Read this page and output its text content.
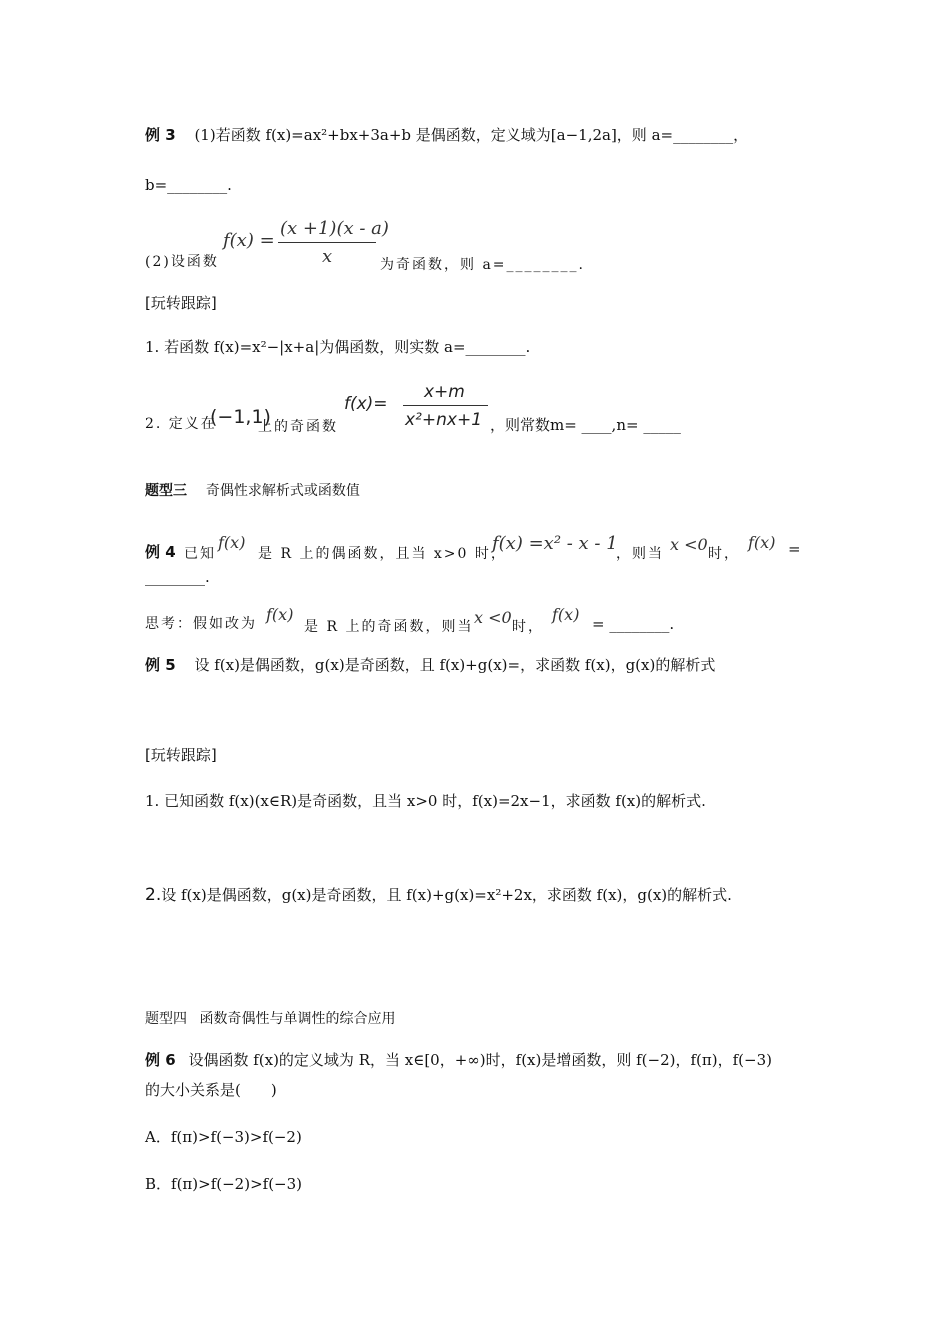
例 3 (1)若函数 f(x)=ax²+bx+3a+b 是偶函数，定义域为[a−1,2a]，则 a=________，
b=________.
(2)设函数
f(x) =
(x +1)(x - a)
x	为奇函数，则 a=________.
[玩转跟踪]
1. 若函数 f(x)=x²−|x+a|为偶函数，则实数 a=________.
2. 定义在
(−1,1)
上的奇函数
f(x)=
x+m
x²+nx+1 ，则常数m= ____,n= _____
题型三 奇偶性求解析式或函数值
例 4 已知
f(x)
是 R 上的偶函数，且当 x>0 时，
f(x) =x² - x - 1
，则当 x <0 时，
f(x) =
________.
思考：假如改为 f(x)
是 R 上的奇函数，则当 x <0 时，
f(x) = ________.
例 5 设 f(x)是偶函数，g(x)是奇函数，且 f(x)+g(x)=，求函数 f(x)，g(x)的解析式
[玩转跟踪]
1. 已知函数 f(x)(x∈R)是奇函数，且当 x>0 时，f(x)=2x−1，求函数 f(x)的解析式.
2.设 f(x)是偶函数，g(x)是奇函数，且 f(x)+g(x)=x²+2x，求函数 f(x)，g(x)的解析式.
题型四 函数奇偶性与单调性的综合应用
例 6 设偶函数 f(x)的定义域为 R，当 x∈[0，+∞)时，f(x)是增函数，则 f(−2)，f(π)，f(−3)
的大小关系是(　　)
A．f(π)>f(−3)>f(−2)
B．f(π)>f(−2)>f(−3)
